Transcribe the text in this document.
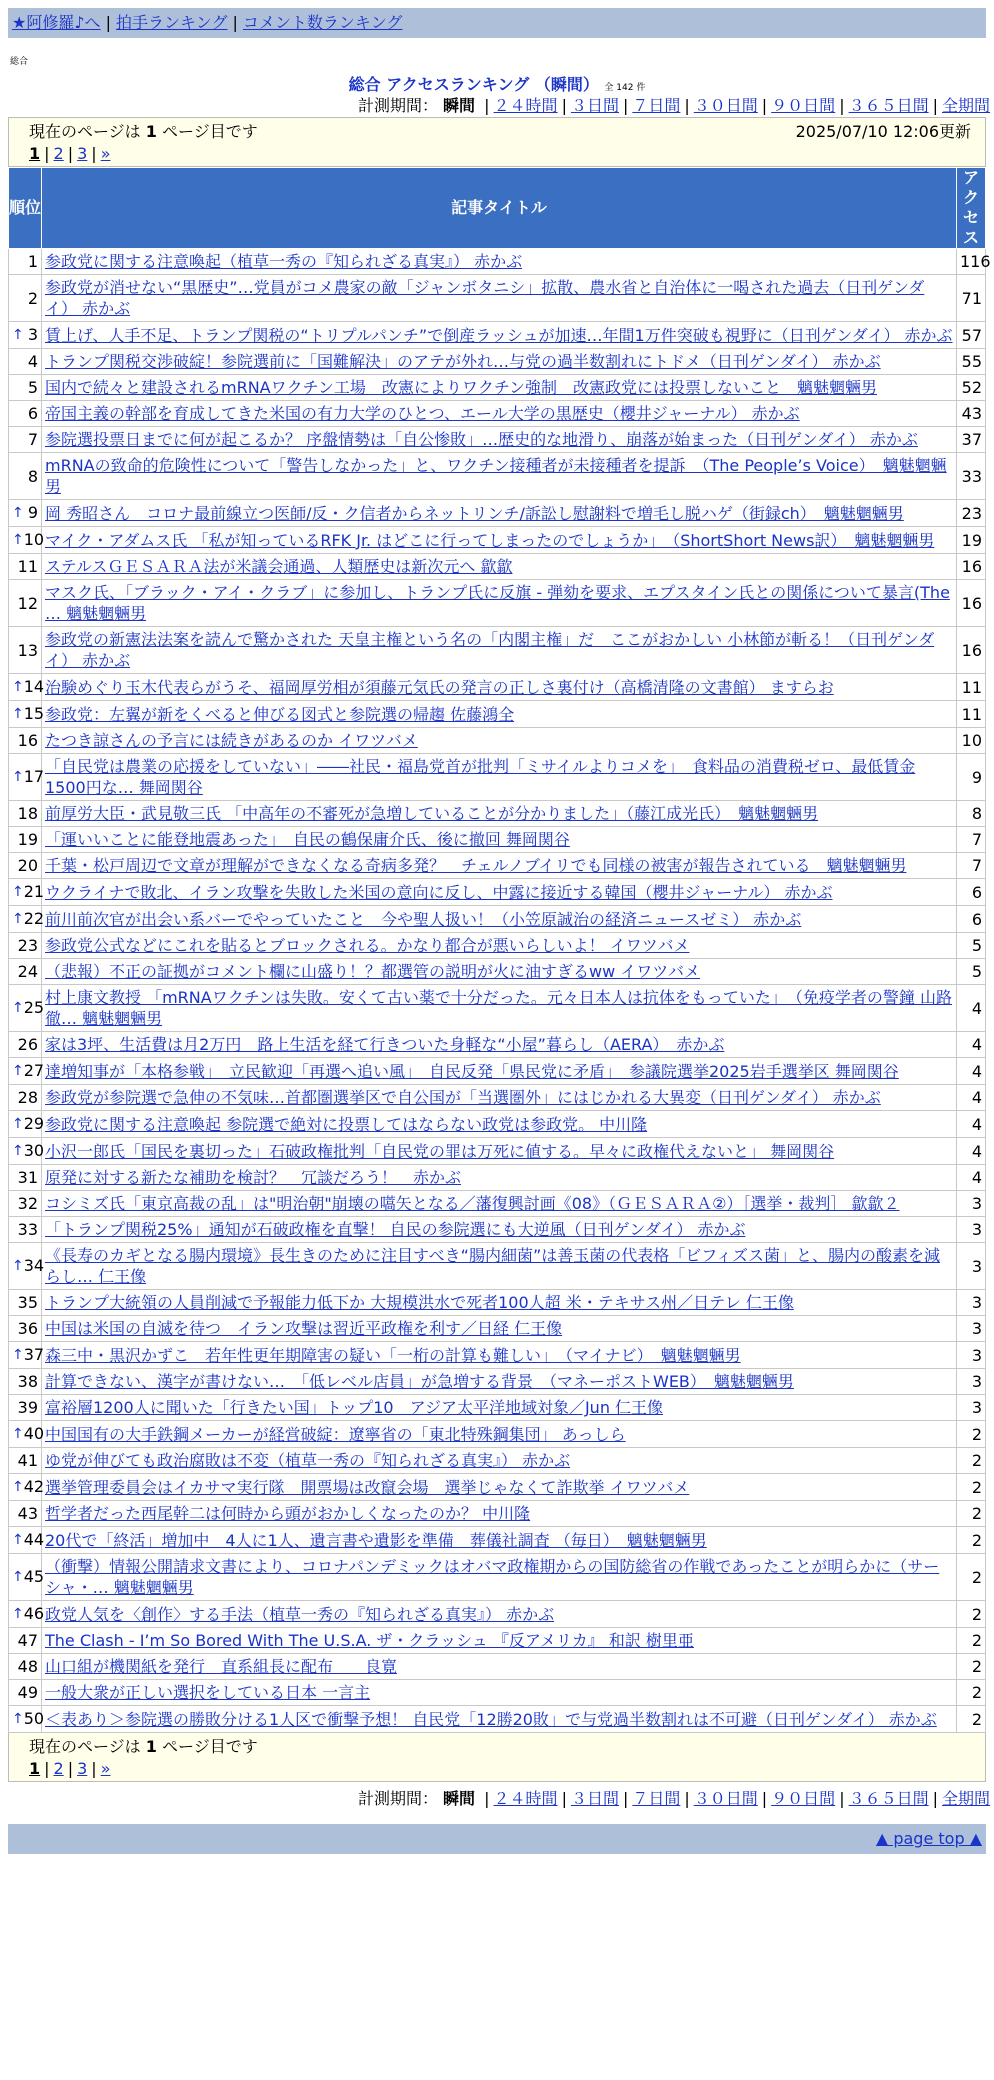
★阿修羅♪へ | 拍手ランキング | コメント数ランキング
総合
総合 アクセスランキング （瞬間） 全 142 件
計測期間： 瞬間 | ２４時間 | ３日間 | ７日間 | ３０日間 | ９０日間 | ３６５日間 | 全期間
現在のページは 1 ページ目です	2025/07/10 12:06更新
1 | 2 | 3 | »
順位	記事タイトル	アクセス
1	参政党に関する注意喚起（植草一秀の『知られざる真実』） 赤かぶ	116
2	参政党が消せない“黒歴史”…党員がコメ農家の敵「ジャンボタニシ」拡散、農水省と自治体に一喝された過去（日刊ゲンダイ） 赤かぶ	71

↑ 3	賃上げ、人手不足、トランプ関税の“トリプルパンチ”で倒産ラッシュが加速…年間1万件突破も視野に（日刊ゲンダイ） 赤かぶ	57
4	トランプ関税交渉破綻！参院選前に「国難解決」のアテが外れ…与党の過半数割れにトドメ（日刊ゲンダイ） 赤かぶ	55
5	国内で続々と建設されるmRNAワクチン工場　改憲によりワクチン強制　改憲政党には投票しないこと　魑魅魍魎男	52
6	帝国主義の幹部を育成してきた米国の有力大学のひとつ、エール大学の黒歴史（櫻井ジャーナル） 赤かぶ	43
7	参院選投票日までに何が起こるか？ 序盤情勢は「自公惨敗」…歴史的な地滑り、崩落が始まった（日刊ゲンダイ） 赤かぶ	37
8	mRNAの致命的危険性について「警告しなかった」と、ワクチン接種者が未接種者を提訴　（The People’s Voice）　魑魅魍魎男	33

↑ 9	岡 秀昭さん　コロナ最前線立つ医師/反・ク信者からネットリンチ/訴訟し慰謝料で増毛し脱ハゲ（街録ch）　魑魅魍魎男	23

↑ 10	マイク・アダムス氏 「私が知っているRFK Jr. はどこに行ってしまったのでしょうか」　（ShortShort News訳）　魑魅魍魎男	19
11	ステルスＧＥＳＡＲＡ法が米議会通過、人類歴史は新次元へ 歙歙	16
12	マスク氏、「ブラック・アイ・クラブ」に参加し、トランプ氏に反旗 - 弾劾を要求、エプスタイン氏との関係について暴言(The … 魑魅魍魎男	16
13	参政党の新憲法法案を読んで驚かされた 天皇主権という名の「内閣主権」だ　ここがおかしい 小林節が斬る！（日刊ゲンダイ） 赤かぶ	16

↑ 14	治験めぐり玉木代表らがうそ、福岡厚労相が須藤元気氏の発言の正しさ裏付け（高橋清隆の文書館） ますらお	11

↑ 15	参政党：左翼が新をくべると伸びる図式と参院選の帰趨 佐藤鴻全	11
16	たつき諒さんの予言には続きがあるのか イワツバメ	10

↑ 17	「自民党は農業の応援をしていない」――社民・福島党首が批判「ミサイルよりコメを」　食料品の消費税ゼロ、最低賃金1500円な… 舞岡関谷	9
18	前厚労大臣・武見敬三氏 「中高年の不審死が急増していることが分かりました」（藤江成光氏）　魑魅魍魎男	8
19	「運いいことに能登地震あった」　自民の鶴保庸介氏、後に撤回 舞岡関谷	7
20	千葉・松戸周辺で文章が理解ができなくなる奇病多発？　チェルノブイリでも同様の被害が報告されている　魑魅魍魎男	7

↑ 21	ウクライナで敗北、イラン攻撃を失敗した米国の意向に反し、中露に接近する韓国（櫻井ジャーナル） 赤かぶ	6

↑ 22	前川前次官が出会い系バーでやっていたこと　今や聖人扱い！（小笠原誠治の経済ニュースゼミ） 赤かぶ	6
23	参政党公式などにこれを貼るとブロックされる。かなり都合が悪いらしいよ！ イワツバメ	5
24	（悲報）不正の証拠がコメント欄に山盛り！？都選管の説明が火に油すぎるww イワツバメ	5

↑ 25	村上康文教授 「mRNAワクチンは失敗。安くて古い薬で十分だった。元々日本人は抗体をもっていた」　（免疫学者の警鐘 山路 徹… 魑魅魍魎男	4
26	家は3坪、生活費は月2万円　路上生活を経て行きついた身軽な“小屋”暮らし（AERA）　赤かぶ	4

↑ 27	達増知事が「本格参戦」　立民歓迎「再選へ追い風」　自民反発「県民党に矛盾」　参議院選挙2025岩手選挙区 舞岡関谷	4
28	参政党が参院選で急伸の不気味…首都圏選挙区で自公国が「当選圏外」にはじかれる大異変（日刊ゲンダイ） 赤かぶ	4

↑ 29	参政党に関する注意喚起 参院選で絶対に投票してはならない政党は参政党。 中川隆	4

↑ 30	小沢一郎氏「国民を裏切った」石破政権批判「自民党の罪は万死に値する。早々に政権代えないと」 舞岡関谷	4
31	原発に対する新たな補助を検討？　冗談だろう！　赤かぶ	4
32	コシミズ氏「東京高裁の乱」は"明治朝"崩壊の嚆矢となる／藩復興討画《08》（ＧＥＳＡＲＡ②）［選挙・裁判］ 歙歙２	3
33	「トランプ関税25%」通知が石破政権を直撃！ 自民の参院選にも大逆風（日刊ゲンダイ） 赤かぶ	3

↑ 34	《長寿のカギとなる腸内環境》長生きのために注目すべき“腸内細菌”は善玉菌の代表格「ビフィズス菌」と、腸内の酸素を減らし… 仁王像	3
35	トランプ大統領の人員削減で予報能力低下か 大規模洪水で死者100人超 米・テキサス州／日テレ 仁王像	3
36	中国は米国の自滅を待つ　イラン攻撃は習近平政権を利す／日経 仁王像	3

↑ 37	森三中・黒沢かずこ　若年性更年期障害の疑い「一桁の計算も難しい」　（マイナビ）　魑魅魍魎男	3
38	計算できない、漢字が書けない…　「低レベル店員」が急増する背景　（マネーポストWEB）　魑魅魍魎男	3
39	富裕層1200人に聞いた「行きたい国」トップ10　アジア太平洋地域対象／Jun 仁王像	3

↑ 40	中国国有の大手鉄鋼メーカーが経営破綻：遼寧省の「東北特殊鋼集団」 あっしら	2
41	ゆ党が伸びても政治腐敗は不変（植草一秀の『知られざる真実』） 赤かぶ	2

↑ 42	選挙管理委員会はイカサマ実行隊　開票場は改竄会場　選挙じゃなくて詐欺挙 イワツバメ	2
43	哲学者だった西尾幹二は何時から頭がおかしくなったのか？ 中川隆	2

↑ 44	20代で「終活」増加中　4人に1人、遺言書や遺影を準備　葬儀社調査 （毎日）　魑魅魍魎男	2

↑ 45	（衝撃）情報公開請求文書により、コロナパンデミックはオバマ政権期からの国防総省の作戦であったことが明らかに（サーシャ・… 魑魅魍魎男	2

↑ 46	政党人気を〈創作〉する手法（植草一秀の『知られざる真実』） 赤かぶ	2
47	The Clash - I’m So Bored With The U.S.A. ザ・クラッシュ 『反アメリカ』 和訳 樹里亜	2
48	山口組が機関紙を発行　直系組長に配布　　良寛	2
49	一般大衆が正しい選択をしている日本 一言主	2

↑ 50	＜表あり＞参院選の勝敗分ける1人区で衝撃予想！ 自民党「12勝20敗」で与党過半数割れは不可避（日刊ゲンダイ） 赤かぶ	2
現在のページは 1 ページ目です
1 | 2 | 3 | »
計測期間： 瞬間 | ２４時間 | ３日間 | ７日間 | ３０日間 | ９０日間 | ３６５日間 | 全期間
▲ page top ▲
